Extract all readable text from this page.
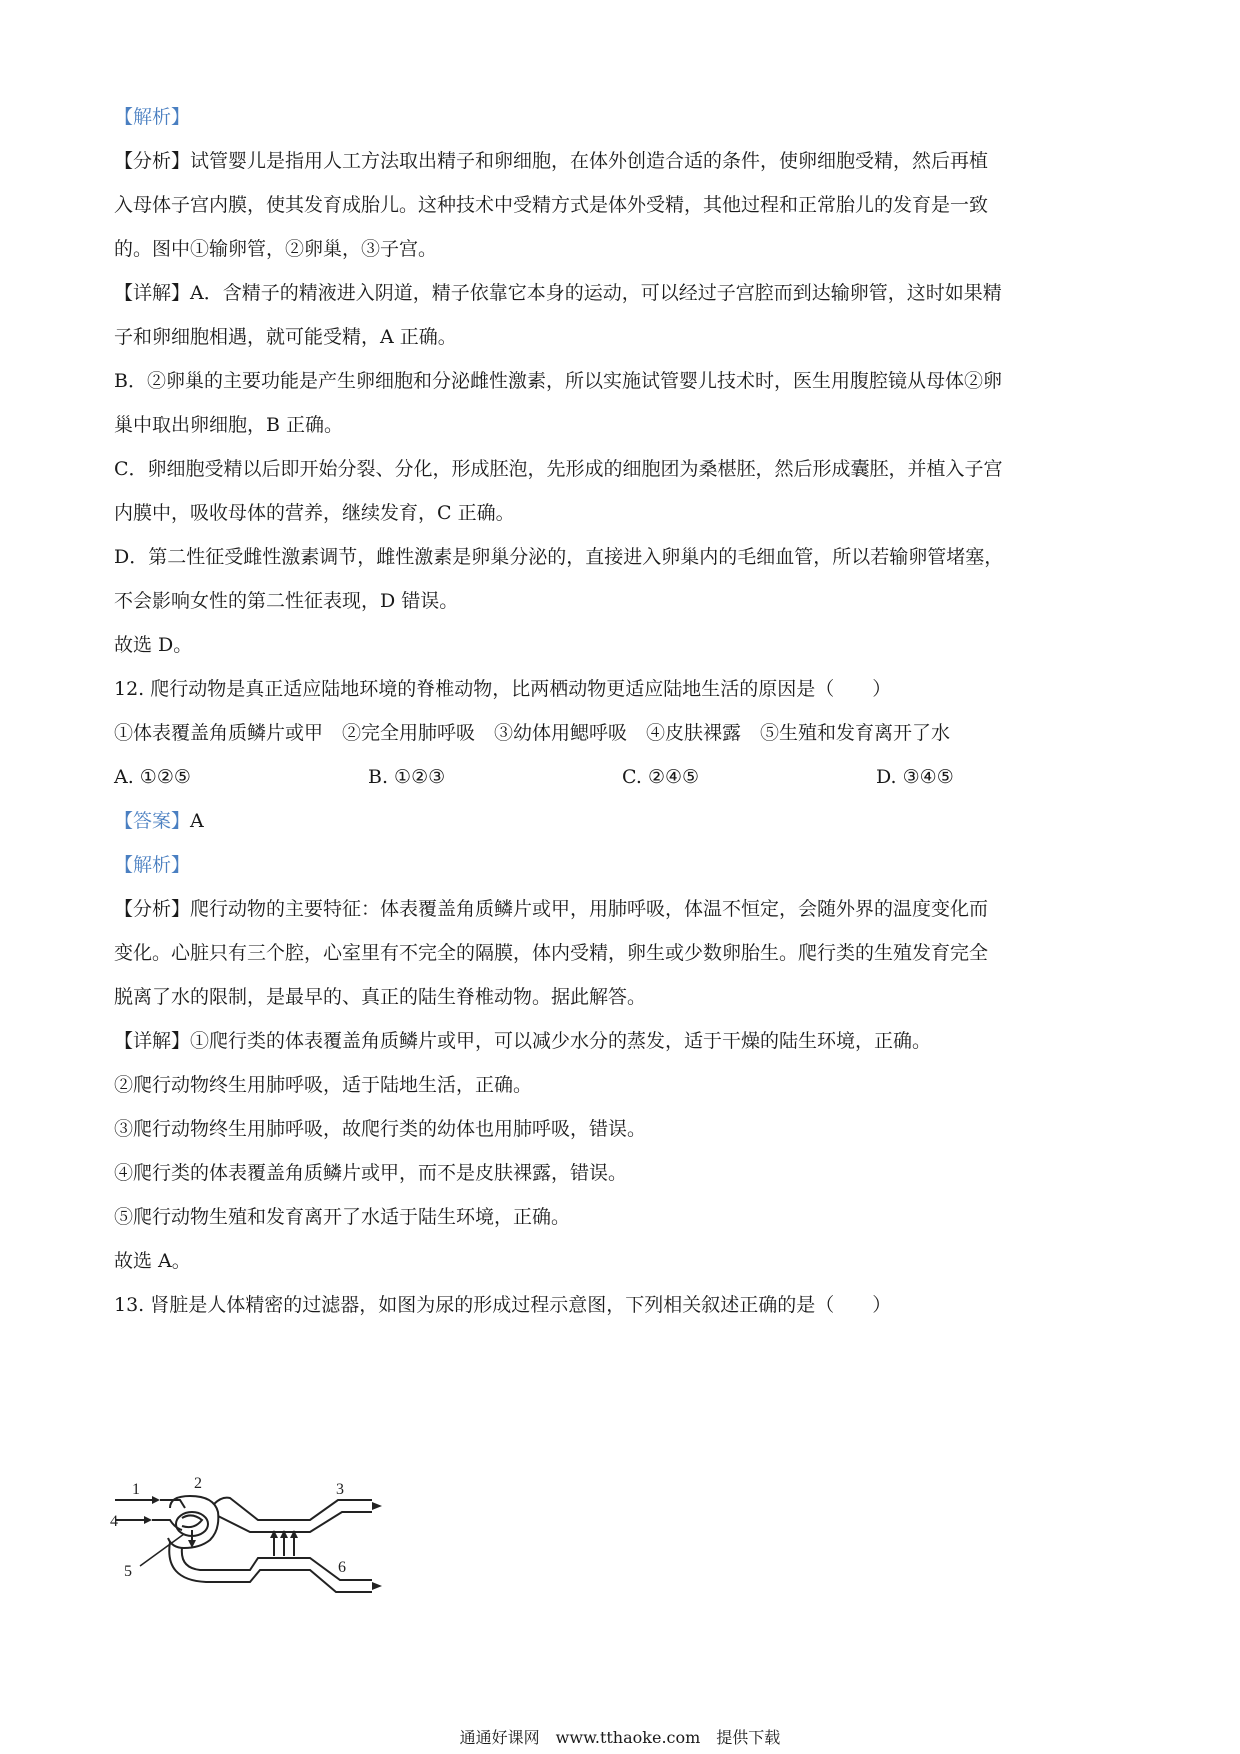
【解析】
【分析】试管婴儿是指用人工方法取出精子和卵细胞，在体外创造合适的条件，使卵细胞受精，然后再植
入母体子宫内膜，使其发育成胎儿。这种技术中受精方式是体外受精，其他过程和正常胎儿的发育是一致
的。图中①输卵管，②卵巢，③子宫。
【详解】A．含精子的精液进入阴道，精子依靠它本身的运动，可以经过子宫腔而到达输卵管，这时如果精
子和卵细胞相遇，就可能受精，A 正确。
B．②卵巢的主要功能是产生卵细胞和分泌雌性激素，所以实施试管婴儿技术时，医生用腹腔镜从母体②卵
巢中取出卵细胞，B 正确。
C．卵细胞受精以后即开始分裂、分化，形成胚泡，先形成的细胞团为桑椹胚，然后形成囊胚，并植入子宫
内膜中，吸收母体的营养，继续发育，C 正确。
D．第二性征受雌性激素调节，雌性激素是卵巢分泌的，直接进入卵巢内的毛细血管，所以若输卵管堵塞，
不会影响女性的第二性征表现，D 错误。
故选 D。
12. 爬行动物是真正适应陆地环境的脊椎动物，比两栖动物更适应陆地生活的原因是（　　）
①体表覆盖角质鳞片或甲　②完全用肺呼吸　③幼体用鳃呼吸　④皮肤裸露　⑤生殖和发育离开了水
A. ①②⑤	B. ①②③	C. ②④⑤	D. ③④⑤
【答案】A
【解析】
【分析】爬行动物的主要特征：体表覆盖角质鳞片或甲，用肺呼吸，体温不恒定，会随外界的温度变化而
变化。心脏只有三个腔，心室里有不完全的隔膜，体内受精，卵生或少数卵胎生。爬行类的生殖发育完全
脱离了水的限制，是最早的、真正的陆生脊椎动物。据此解答。
【详解】①爬行类的体表覆盖角质鳞片或甲，可以减少水分的蒸发，适于干燥的陆生环境，正确。
②爬行动物终生用肺呼吸，适于陆地生活，正确。
③爬行动物终生用肺呼吸，故爬行类的幼体也用肺呼吸，错误。
④爬行类的体表覆盖角质鳞片或甲，而不是皮肤裸露，错误。
⑤爬行动物生殖和发育离开了水适于陆生环境，正确。
故选 A。
13. 肾脏是人体精密的过滤器，如图为尿的形成过程示意图，下列相关叙述正确的是（　　）
1	2	3
4
5	6
通通好课网　www.tthaoke.com　提供下载
